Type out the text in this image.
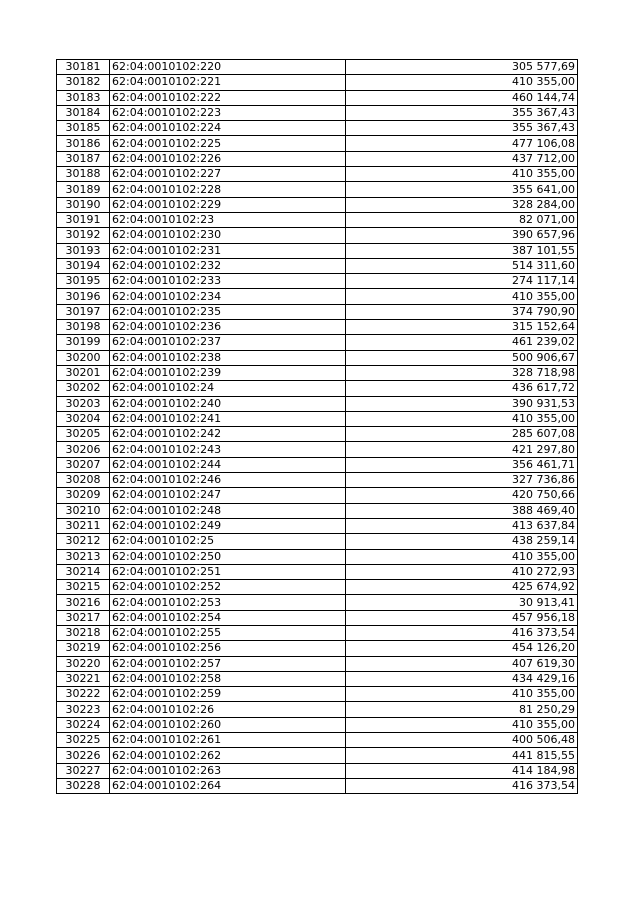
30181	62:04:0010102:220	305 577,69
30182	62:04:0010102:221	410 355,00
30183	62:04:0010102:222	460 144,74
30184	62:04:0010102:223	355 367,43
30185	62:04:0010102:224	355 367,43
30186	62:04:0010102:225	477 106,08
30187	62:04:0010102:226	437 712,00
30188	62:04:0010102:227	410 355,00
30189	62:04:0010102:228	355 641,00
30190	62:04:0010102:229	328 284,00
30191	62:04:0010102:23	82 071,00
30192	62:04:0010102:230	390 657,96
30193	62:04:0010102:231	387 101,55
30194	62:04:0010102:232	514 311,60
30195	62:04:0010102:233	274 117,14
30196	62:04:0010102:234	410 355,00
30197	62:04:0010102:235	374 790,90
30198	62:04:0010102:236	315 152,64
30199	62:04:0010102:237	461 239,02
30200	62:04:0010102:238	500 906,67
30201	62:04:0010102:239	328 718,98
30202	62:04:0010102:24	436 617,72
30203	62:04:0010102:240	390 931,53
30204	62:04:0010102:241	410 355,00
30205	62:04:0010102:242	285 607,08
30206	62:04:0010102:243	421 297,80
30207	62:04:0010102:244	356 461,71
30208	62:04:0010102:246	327 736,86
30209	62:04:0010102:247	420 750,66
30210	62:04:0010102:248	388 469,40
30211	62:04:0010102:249	413 637,84
30212	62:04:0010102:25	438 259,14
30213	62:04:0010102:250	410 355,00
30214	62:04:0010102:251	410 272,93
30215	62:04:0010102:252	425 674,92
30216	62:04:0010102:253	30 913,41
30217	62:04:0010102:254	457 956,18
30218	62:04:0010102:255	416 373,54
30219	62:04:0010102:256	454 126,20
30220	62:04:0010102:257	407 619,30
30221	62:04:0010102:258	434 429,16
30222	62:04:0010102:259	410 355,00
30223	62:04:0010102:26	81 250,29
30224	62:04:0010102:260	410 355,00
30225	62:04:0010102:261	400 506,48
30226	62:04:0010102:262	441 815,55
30227	62:04:0010102:263	414 184,98
30228	62:04:0010102:264	416 373,54
